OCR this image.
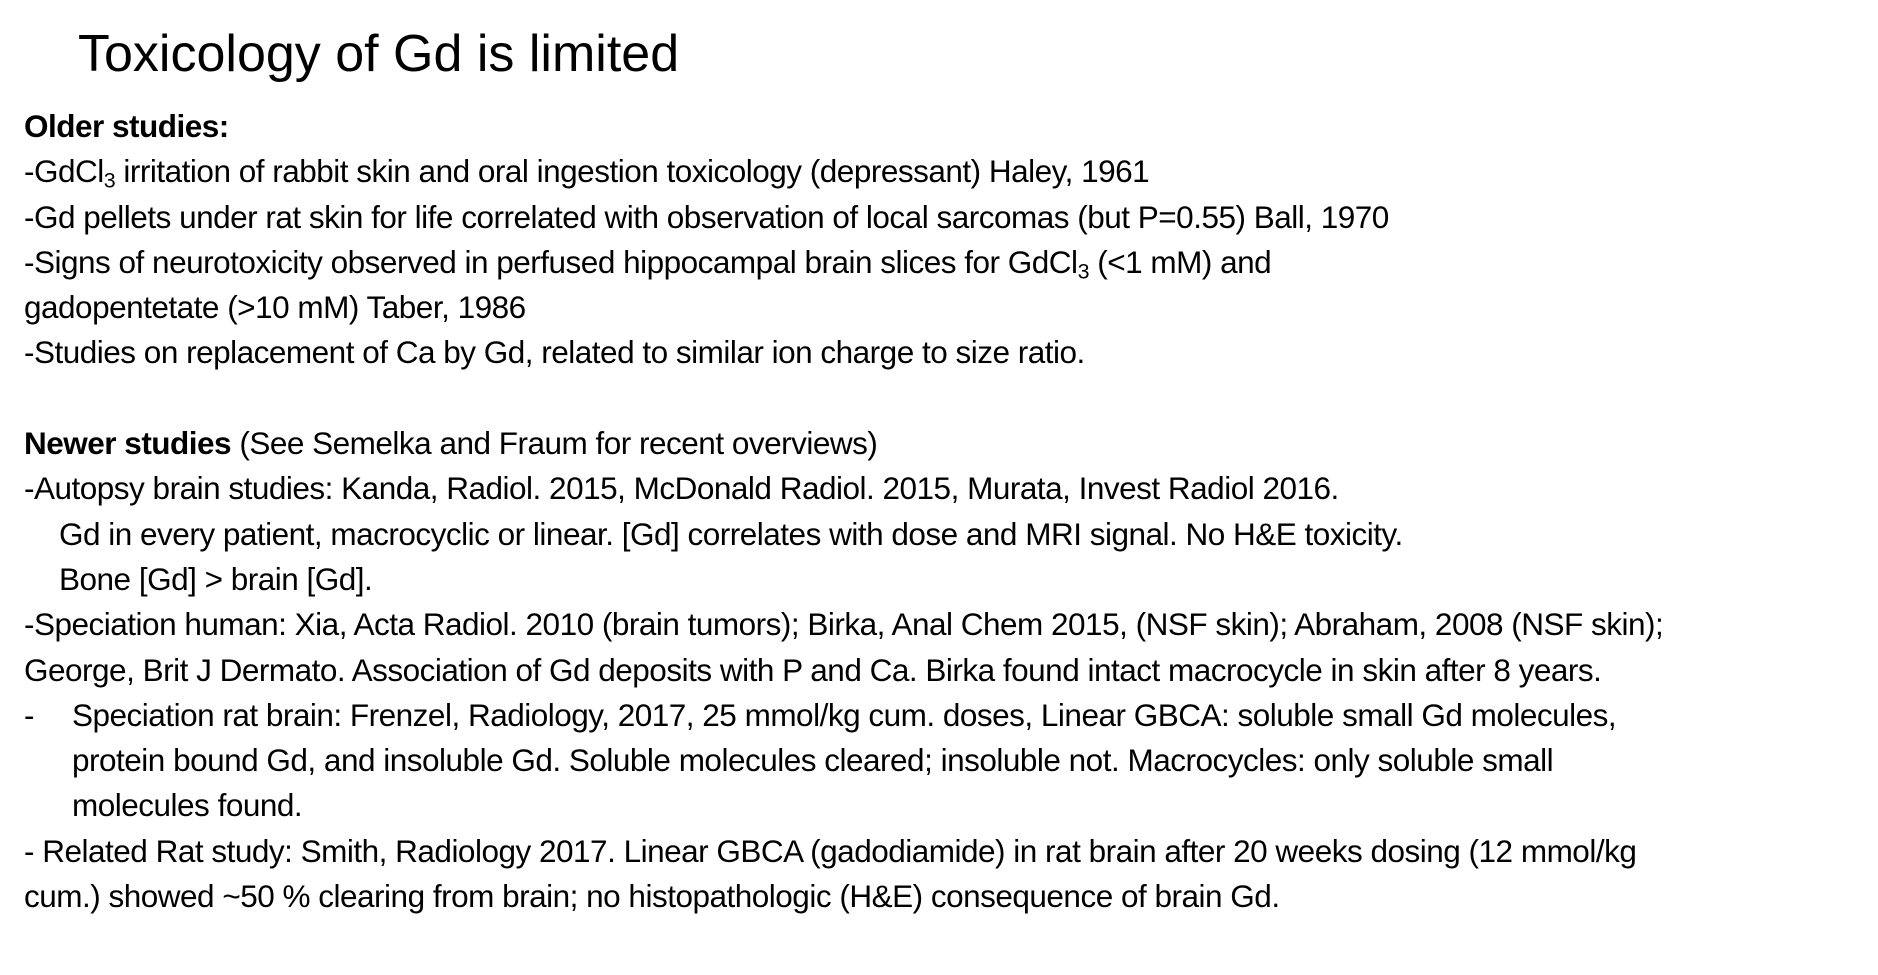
Toxicology of Gd is limited
Older studies:
-GdCl$_3$ irritation of rabbit skin and oral ingestion toxicology (depressant) Haley, 1961
-Gd pellets under rat skin for life correlated with observation of local sarcomas (but P=0.55) Ball, 1970
-Signs of neurotoxicity observed in perfused hippocampal brain slices for GdCl$_3$ (<1 mM) and
gadopentetate (>10 mM) Taber, 1986
-Studies on replacement of Ca by Gd, related to similar ion charge to size ratio.
Newer studies (See Semelka and Fraum for recent overviews)
-Autopsy brain studies: Kanda, Radiol. 2015, McDonald Radiol. 2015, Murata, Invest Radiol 2016.
Gd in every patient, macrocyclic or linear. [Gd] correlates with dose and MRI signal. No H&E toxicity.
Bone [Gd] > brain [Gd].
-Speciation human: Xia, Acta Radiol. 2010 (brain tumors); Birka, Anal Chem 2015, (NSF skin); Abraham, 2008 (NSF skin);
George, Brit J Dermato. Association of Gd deposits with P and Ca. Birka found intact macrocycle in skin after 8 years.
-	Speciation rat brain: Frenzel, Radiology, 2017, 25 mmol/kg cum. doses, Linear GBCA: soluble small Gd molecules,
protein bound Gd, and insoluble Gd. Soluble molecules cleared; insoluble not. Macrocycles: only soluble small
molecules found.
- Related Rat study: Smith, Radiology 2017. Linear GBCA (gadodiamide) in rat brain after 20 weeks dosing (12 mmol/kg
cum.) showed ~50 % clearing from brain; no histopathologic (H&E) consequence of brain Gd.
